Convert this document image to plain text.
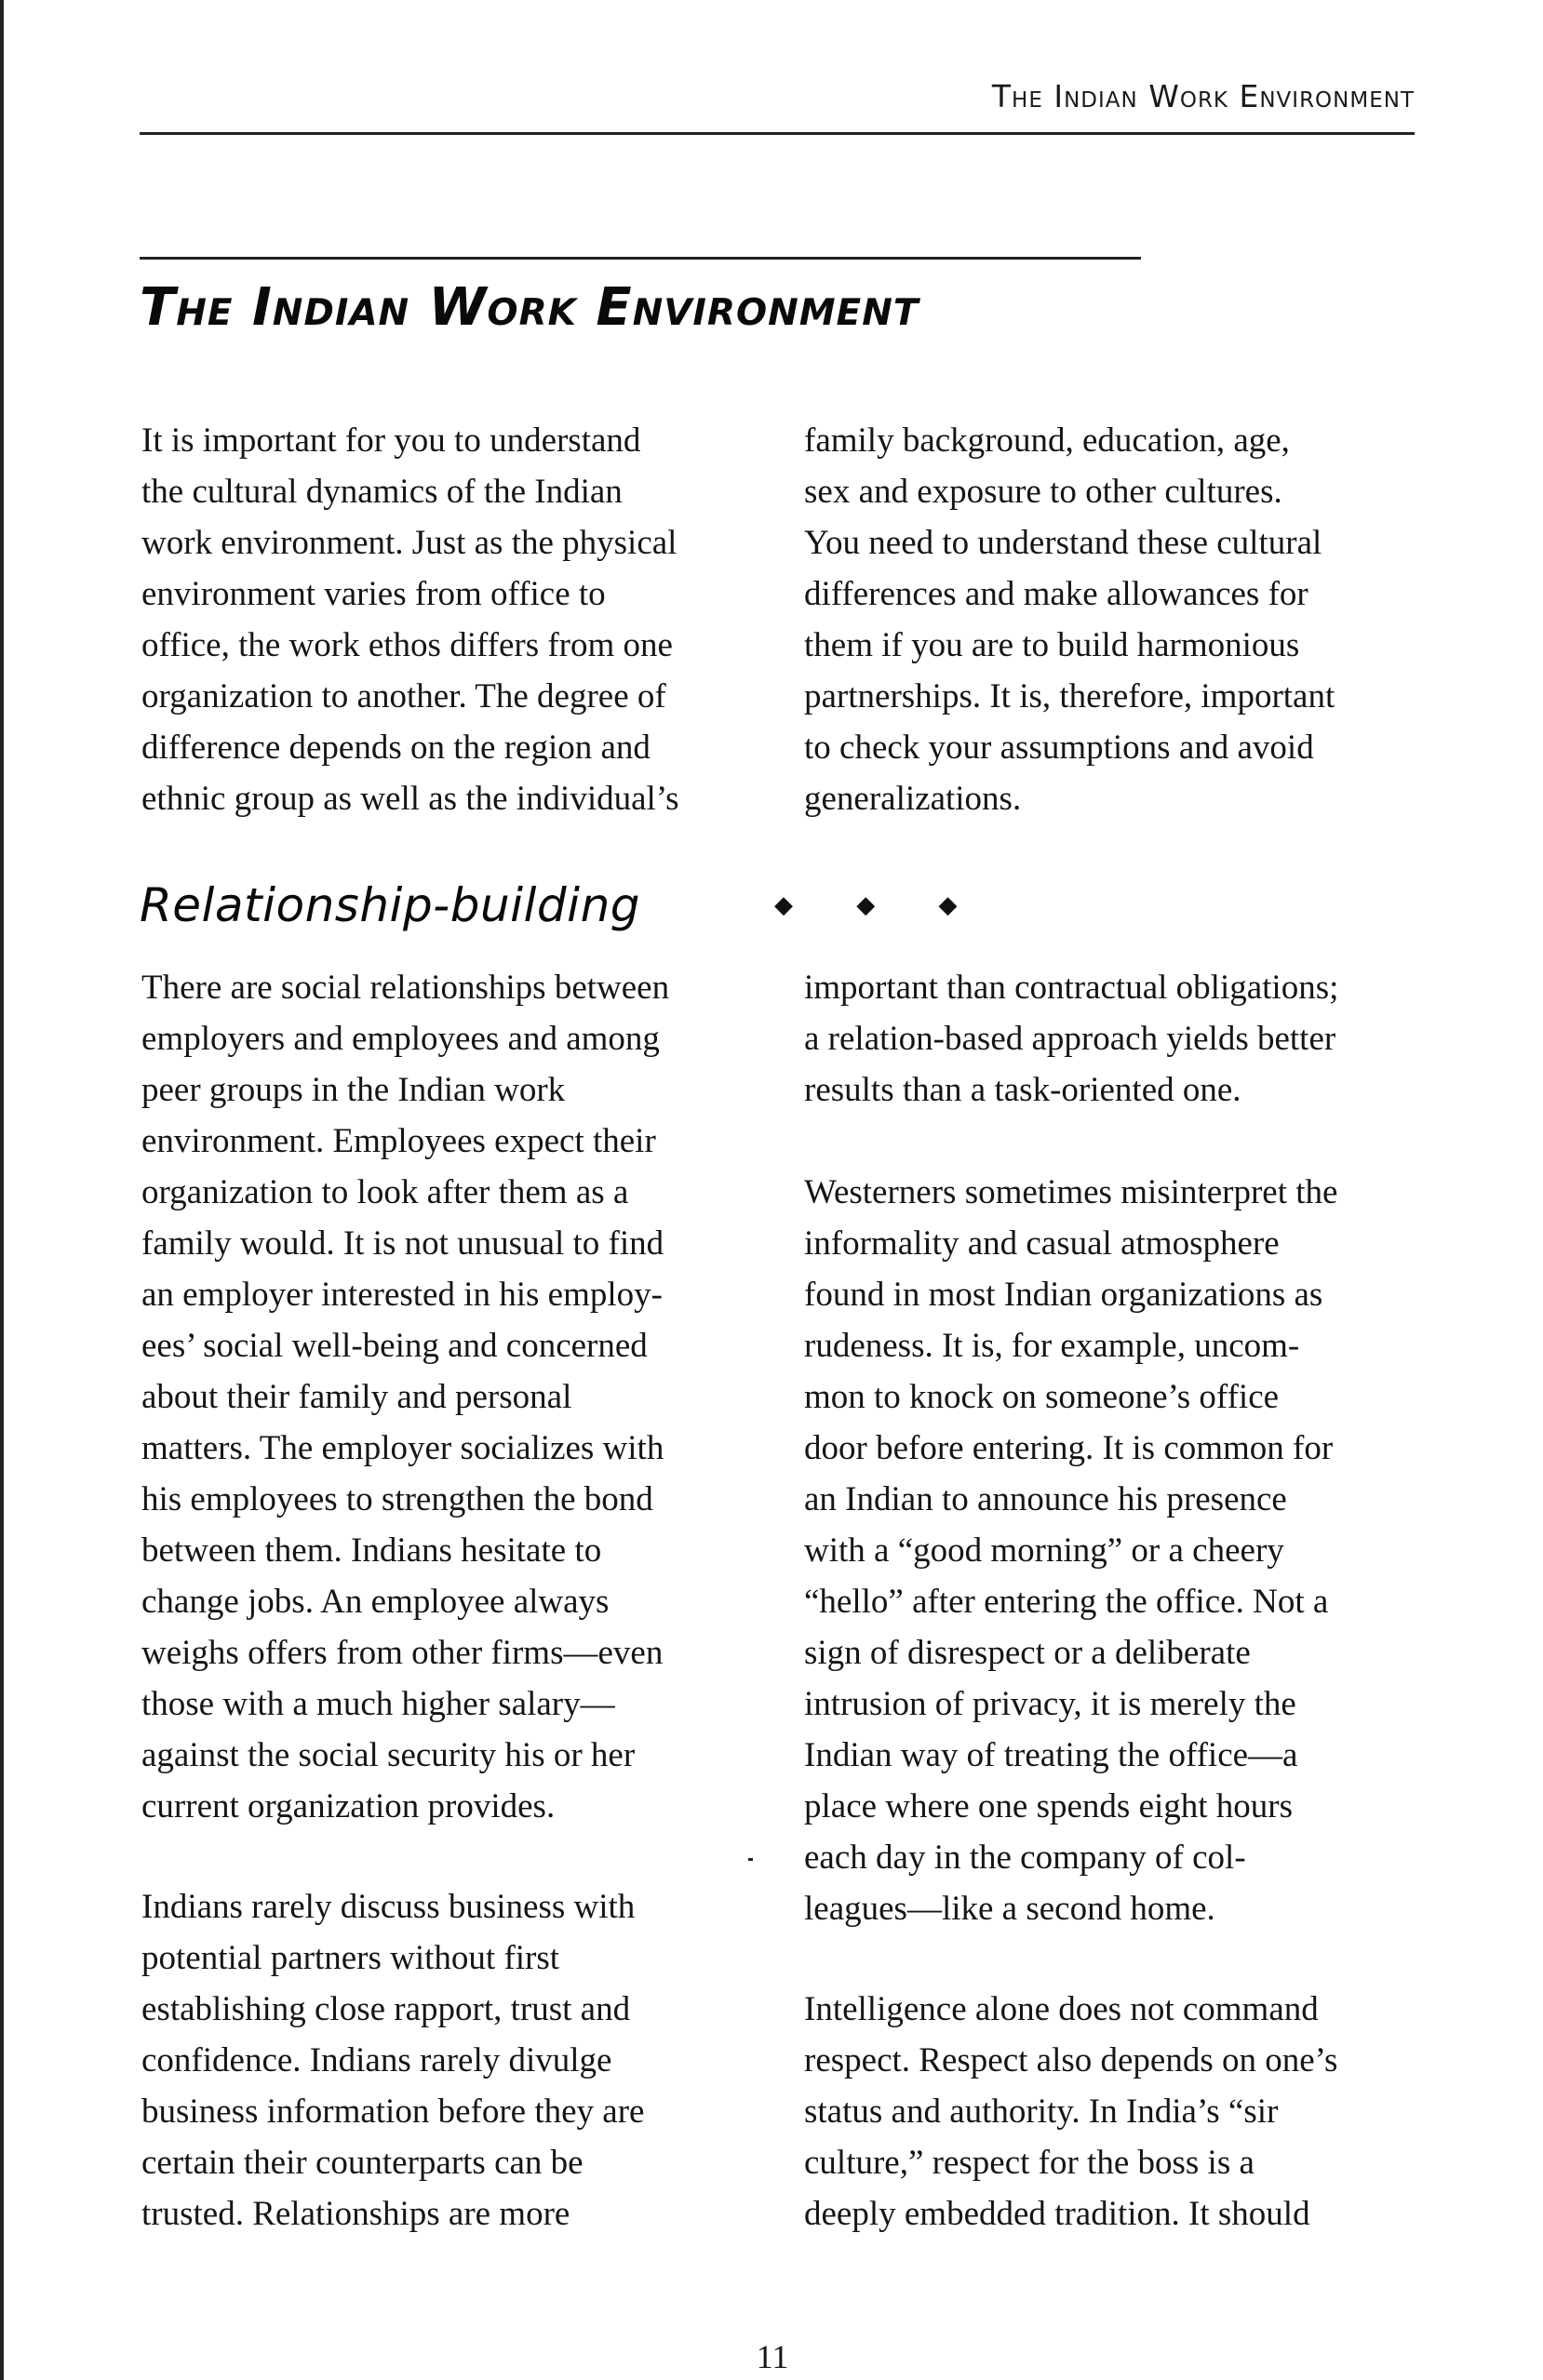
The Indian Work Environment
The Indian Work Environment

It is important for you to understand
the cultural dynamics of the Indian
work environment. Just as the physical
environment varies from office to
office, the work ethos differs from one
organization to another. The degree of
difference depends on the region and
ethnic group as well as the individual’s

family background, education, age,
sex and exposure to other cultures.
You need to understand these cultural
differences and make allowances for
them if you are to build harmonious
partnerships. It is, therefore, important
to check your assumptions and avoid
generalizations.

Relationship-building	◆ ◆ ◆

There are social relationships between
employers and employees and among
peer groups in the Indian work
environment. Employees expect their
organization to look after them as a
family would. It is not unusual to find
an employer interested in his employ-
ees’ social well-being and concerned
about their family and personal
matters. The employer socializes with
his employees to strengthen the bond
between them. Indians hesitate to
change jobs. An employee always
weighs offers from other firms—even
those with a much higher salary—
against the social security his or her
current organization provides.

Indians rarely discuss business with
potential partners without first
establishing close rapport, trust and
confidence. Indians rarely divulge
business information before they are
certain their counterparts can be
trusted. Relationships are more

important than contractual obligations;
a relation-based approach yields better
results than a task-oriented one.

Westerners sometimes misinterpret the
informality and casual atmosphere
found in most Indian organizations as
rudeness. It is, for example, uncom-
mon to knock on someone’s office
door before entering. It is common for
an Indian to announce his presence
with a “good morning” or a cheery
“hello” after entering the office. Not a
sign of disrespect or a deliberate
intrusion of privacy, it is merely the
Indian way of treating the office—a
place where one spends eight hours
each day in the company of col-
leagues—like a second home.

Intelligence alone does not command
respect. Respect also depends on one’s
status and authority. In India’s “sir
culture,” respect for the boss is a
deeply embedded tradition. It should

11
